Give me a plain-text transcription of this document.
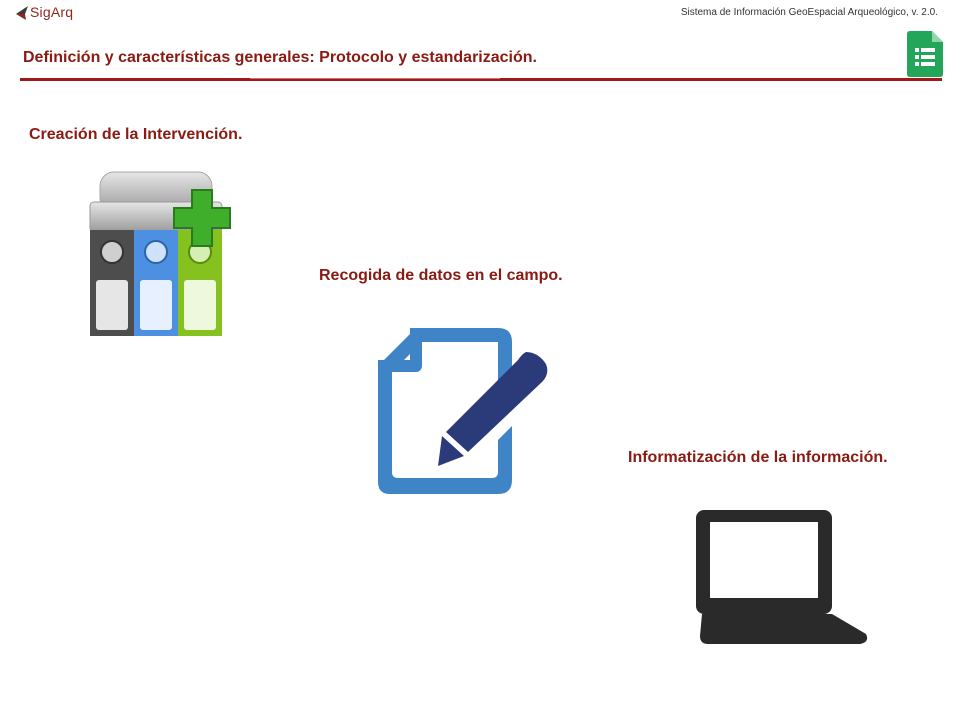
SigArq	Sistema de Información GeoEspacial Arqueológico, v. 2.0.
Definición y características generales: Protocolo y estandarización.
Creación de la Intervención.
Recogida de datos en el campo.
Informatización de la información.
